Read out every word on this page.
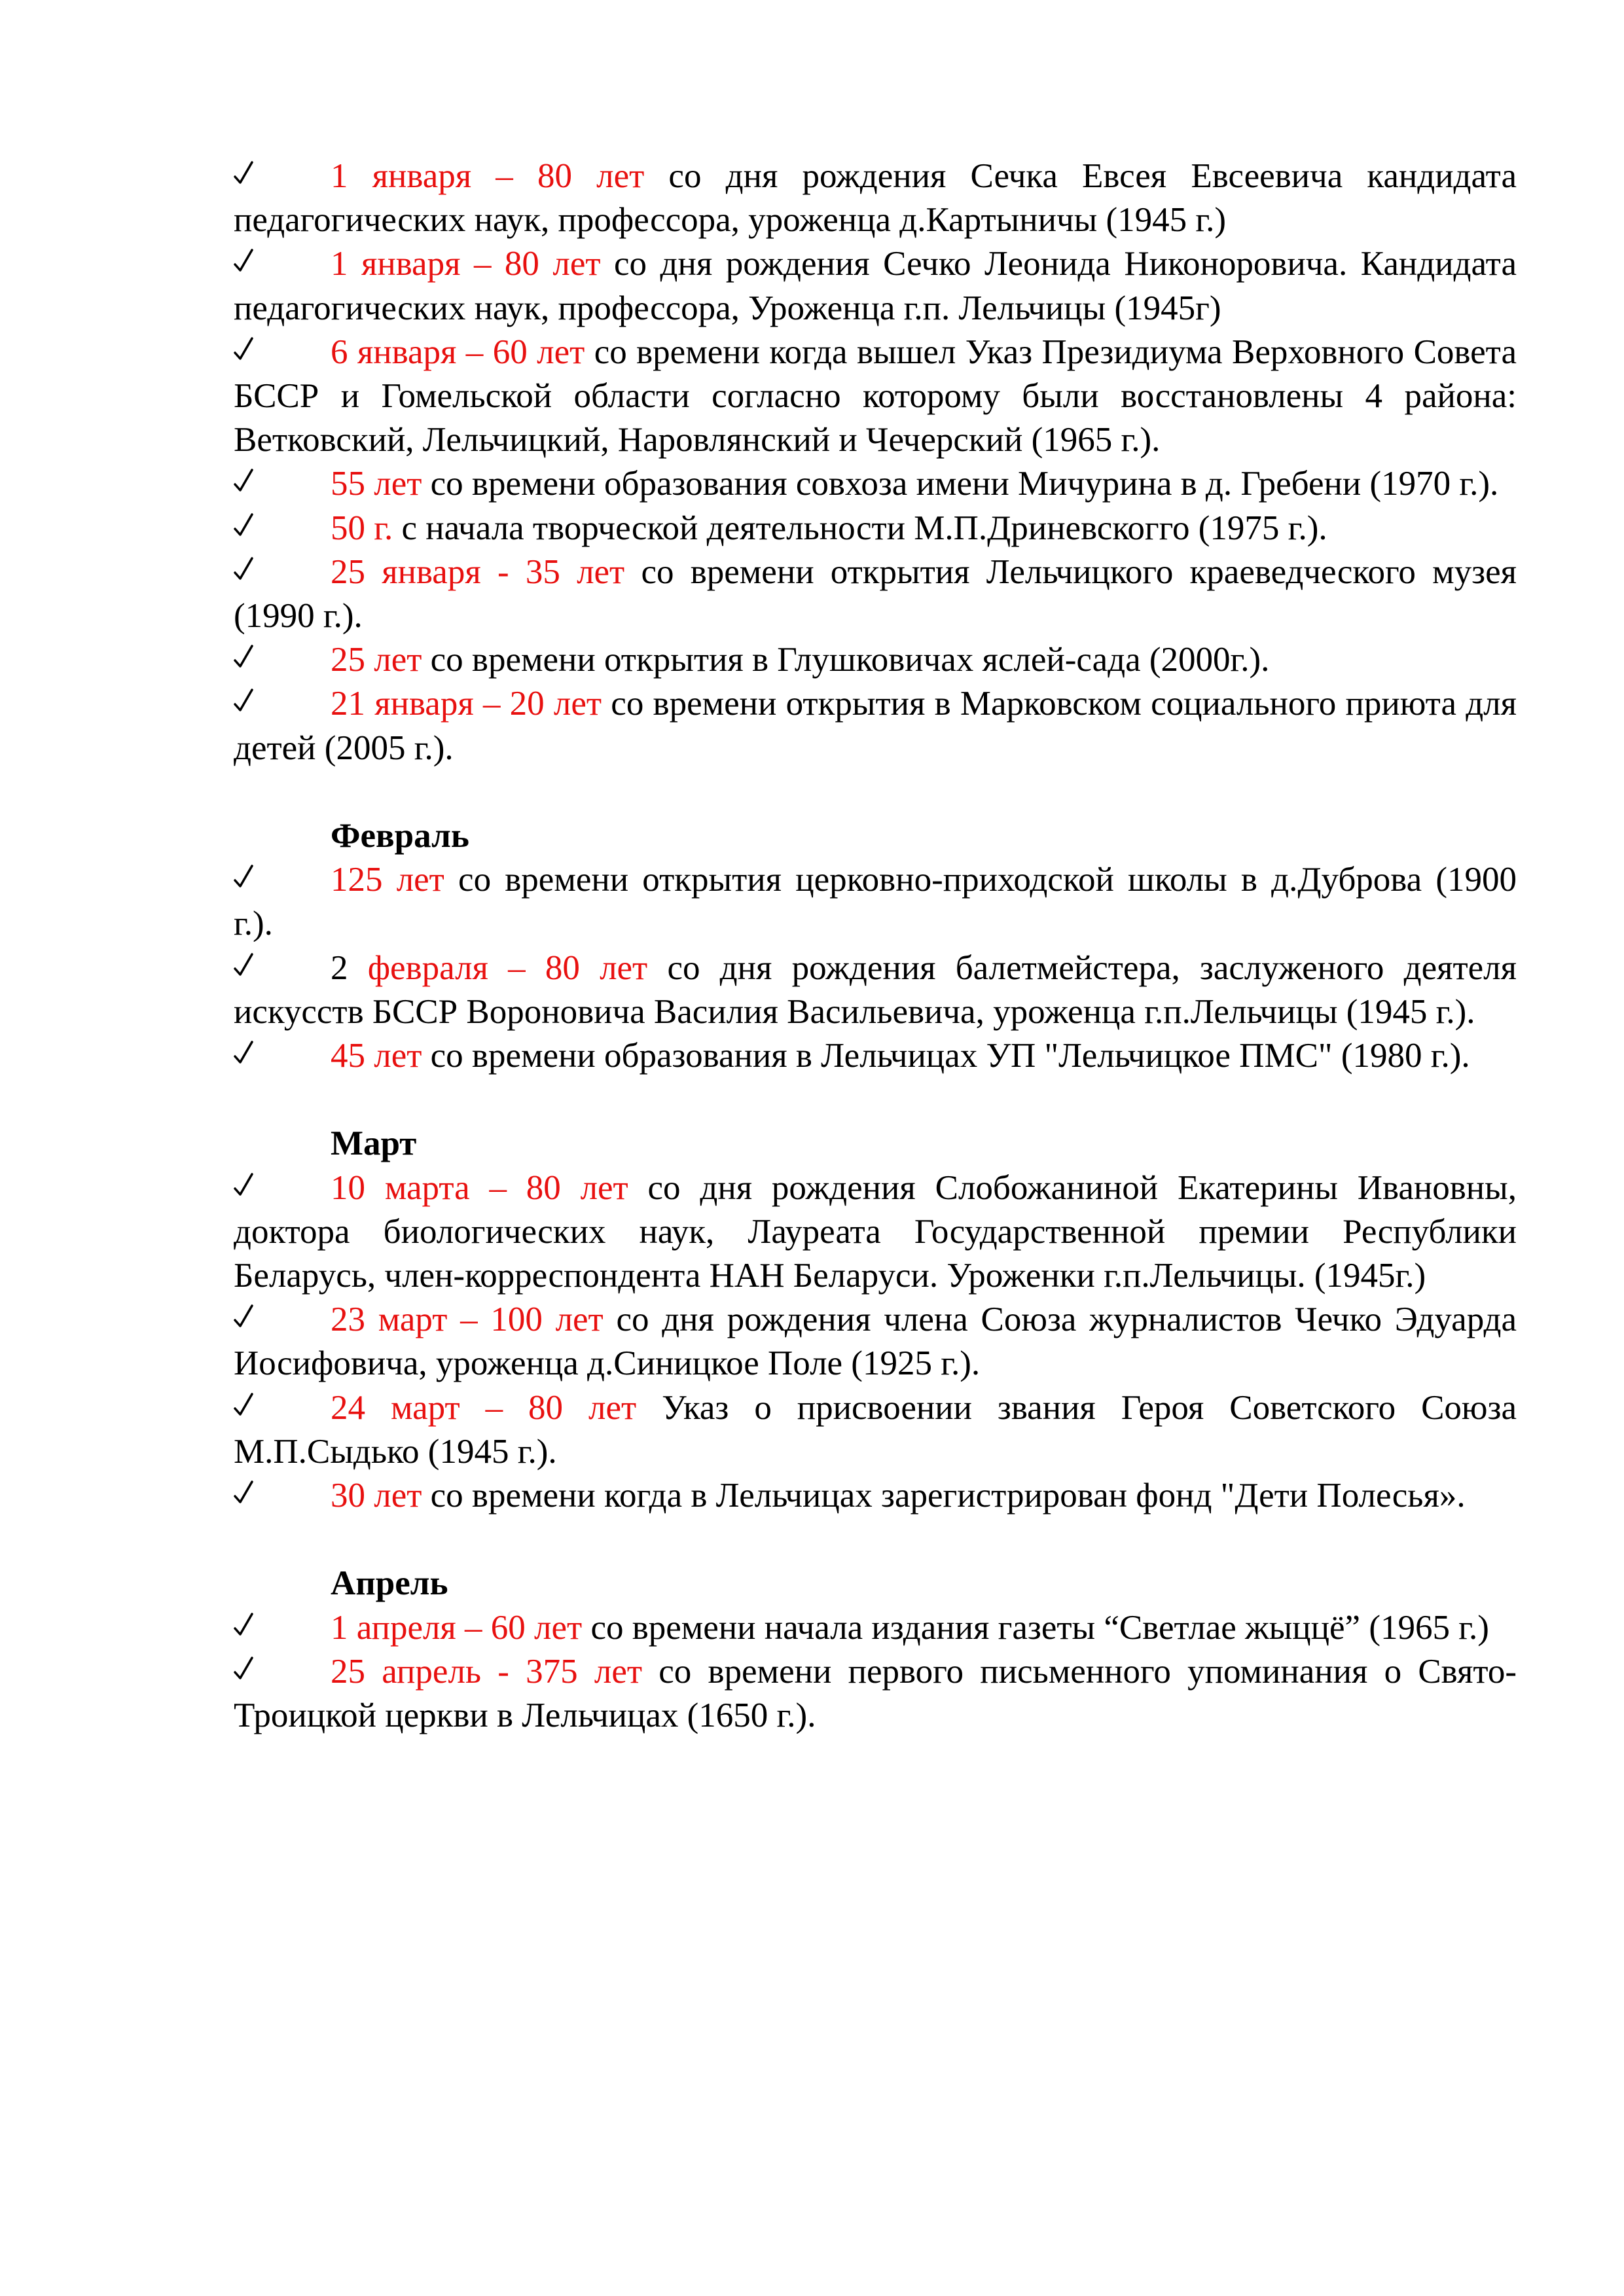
1 января – 80 лет со дня рождения Сечка Евсея Евсеевича кандидата педагогических наук, профессора, уроженца д.Картыничы (1945 г.)
1 января – 80 лет со дня рождения Сечко Леонида Никоноровича. Кандидата педагогических наук, профессора, Уроженца г.п. Лельчицы (1945г)
6 января – 60 лет со времени когда вышел Указ Президиума Верховного Совета БССР и Гомельской области согласно которому были восстановлены 4 района: Ветковский, Лельчицкий, Наровлянский и Чечерский (1965 г.).
55 лет со времени образования совхоза имени Мичурина в д. Гребени (1970 г.).
50 г. с начала творческой деятельности М.П.Дриневскогго (1975 г.).
25 января - 35 лет со времени открытия Лельчицкого краеведческого музея (1990 г.).
25 лет со времени открытия в Глушковичах яслей-сада (2000г.).
21 января – 20 лет со времени открытия в Марковском социального приюта для детей (2005 г.).
Февраль
125 лет со времени открытия церковно-приходской школы в д.Дуброва (1900 г.).
2 февраля – 80 лет со дня рождения балетмейстера, заслуженого деятеля искусств БССР Вороновича Василия Васильевича, уроженца г.п.Лельчицы (1945 г.).
45 лет со времени образования в Лельчицах УП "Лельчицкое ПМС" (1980 г.).
Март
10 марта – 80 лет со дня рождения Слобожаниной Екатерины Ивановны, доктора биологических наук, Лауреата Государственной премии Республики Беларусь, член-корреспондента НАН Беларуси. Уроженки г.п.Лельчицы. (1945г.)
23 март – 100 лет со дня рождения члена Союза журналистов Чечко Эдуарда Иосифовича, уроженца д.Синицкое Поле (1925 г.).
24 март – 80 лет Указ о присвоении звания Героя Советского Союза М.П.Сыдько (1945 г.).
30 лет со времени когда в Лельчицах зарегистрирован фонд "Дети Полесья».
Апрель
1 апреля – 60 лет со времени начала издания газеты “Светлае жыццё” (1965 г.)
25 апрель - 375 лет со времени первого письменного упоминания о Свято-Троицкой церкви в Лельчицах (1650 г.).
